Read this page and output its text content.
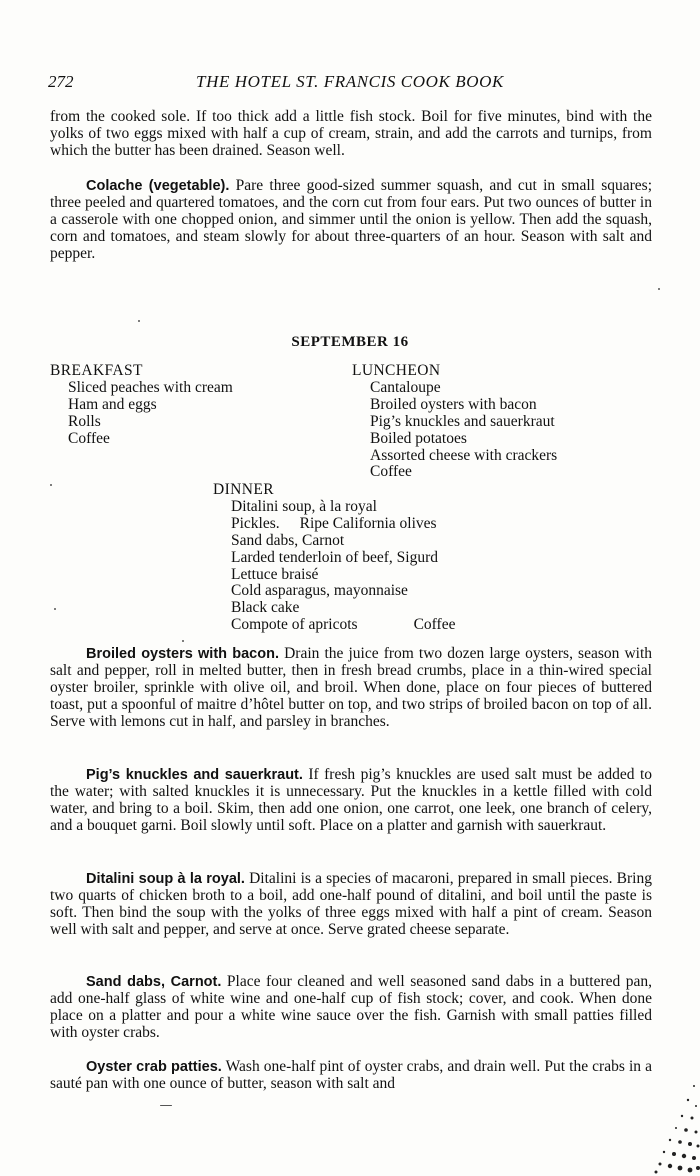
272	THE HOTEL ST. FRANCIS COOK BOOK

from the cooked sole. If too thick add a little fish stock. Boil for five minutes, bind with the yolks of two eggs mixed with half a cup of cream, strain, and add the carrots and turnips, from which the butter has been drained. Season well.

Colache (vegetable). Pare three good-sized summer squash, and cut in small squares; three peeled and quartered tomatoes, and the corn cut from four ears. Put two ounces of butter in a casserole with one chopped onion, and simmer until the onion is yellow. Then add the squash, corn and tomatoes, and steam slowly for about three-quarters of an hour. Season with salt and pepper.

SEPTEMBER 16
BREAKFAST
Sliced peaches with cream
Ham and eggs
Rolls
Coffee
LUNCHEON
Cantaloupe
Broiled oysters with bacon
Pig’s knuckles and sauerkraut
Boiled potatoes
Assorted cheese with crackers
Coffee
DINNER
Ditalini soup, à la royal
Pickles. Ripe California olives
Sand dabs, Carnot
Larded tenderloin of beef, Sigurd
Lettuce braisé
Cold asparagus, mayonnaise
Black cake
Compote of apricots	Coffee

Broiled oysters with bacon. Drain the juice from two dozen large oysters, season with salt and pepper, roll in melted butter, then in fresh bread crumbs, place in a thin-wired special oyster broiler, sprinkle with olive oil, and broil. When done, place on four pieces of buttered toast, put a spoonful of maitre d’hôtel butter on top, and two strips of broiled bacon on top of all. Serve with lemons cut in half, and parsley in branches.

Pig’s knuckles and sauerkraut. If fresh pig’s knuckles are used salt must be added to the water; with salted knuckles it is unnecessary. Put the knuckles in a kettle filled with cold water, and bring to a boil. Skim, then add one onion, one carrot, one leek, one branch of celery, and a bouquet garni. Boil slowly until soft. Place on a platter and garnish with sauerkraut.

Ditalini soup à la royal. Ditalini is a species of macaroni, prepared in small pieces. Bring two quarts of chicken broth to a boil, add one-half pound of ditalini, and boil until the paste is soft. Then bind the soup with the yolks of three eggs mixed with half a pint of cream. Season well with salt and pepper, and serve at once. Serve grated cheese separate.

Sand dabs, Carnot. Place four cleaned and well seasoned sand dabs in a buttered pan, add one-half glass of white wine and one-half cup of fish stock; cover, and cook. When done place on a platter and pour a white wine sauce over the fish. Garnish with small patties filled with oyster crabs.

Oyster crab patties. Wash one-half pint of oyster crabs, and drain well. Put the crabs in a sauté pan with one ounce of butter, season with salt and
